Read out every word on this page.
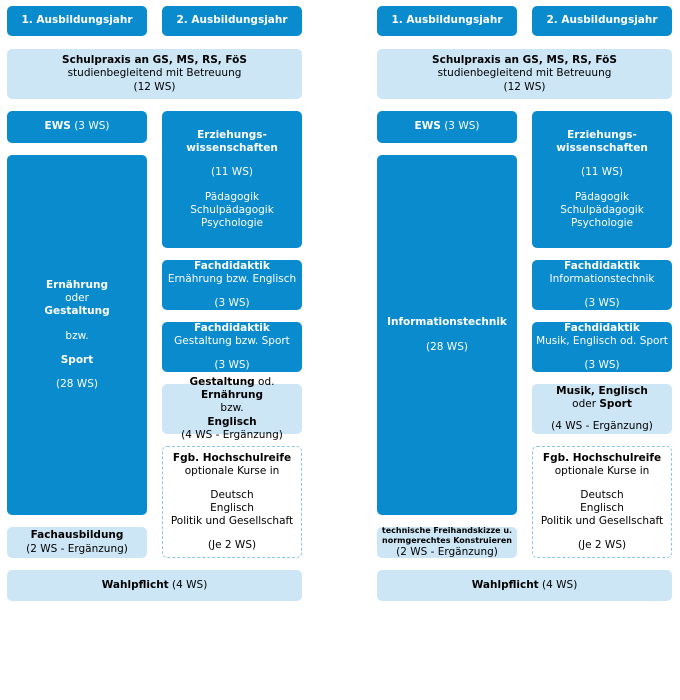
1. Ausbildungsjahr	2. Ausbildungsjahr
Schulpraxis an GS, MS, RS, FöS
studienbegleitend mit Betreuung
(12 WS)
EWS
(3 WS)
Erziehungs-
wissenschaften
(11 WS)
Pädagogik
Schulpädagogik
Psychologie
Ernährung
oder
Gestaltung
bzw.
Sport
(28 WS)
Fachdidaktik
Ernährung bzw. Englisch
(3 WS)
Fachdidaktik
Gestaltung bzw. Sport
(3 WS)
Gestaltung od. Ernährung
bzw.
Englisch
(4 WS - Ergänzung)
Fgb. Hochschulreife
optionale Kurse in
Deutsch
Englisch
Politik und Gesellschaft
(Je 2 WS)
Fachausbildung
(2 WS - Ergänzung)
Wahlpflicht
(4 WS)
1. Ausbildungsjahr	2. Ausbildungsjahr
Schulpraxis an GS, MS, RS, FöS
studienbegleitend mit Betreuung
(12 WS)
EWS
(3 WS)
Erziehungs-
wissenschaften
(11 WS)
Pädagogik
Schulpädagogik
Psychologie
Informationstechnik
(28 WS)
Fachdidaktik
Informationstechnik
(3 WS)
Fachdidaktik
Musik, Englisch od. Sport
(3 WS)
Musik, Englisch
oder Sport
(4 WS - Ergänzung)
Fgb. Hochschulreife
optionale Kurse in
Deutsch
Englisch
Politik und Gesellschaft
(Je 2 WS)
technische Freihandskizze u.
normgerechtes Konstruieren
(2 WS - Ergänzung)
Wahlpflicht
(4 WS)
